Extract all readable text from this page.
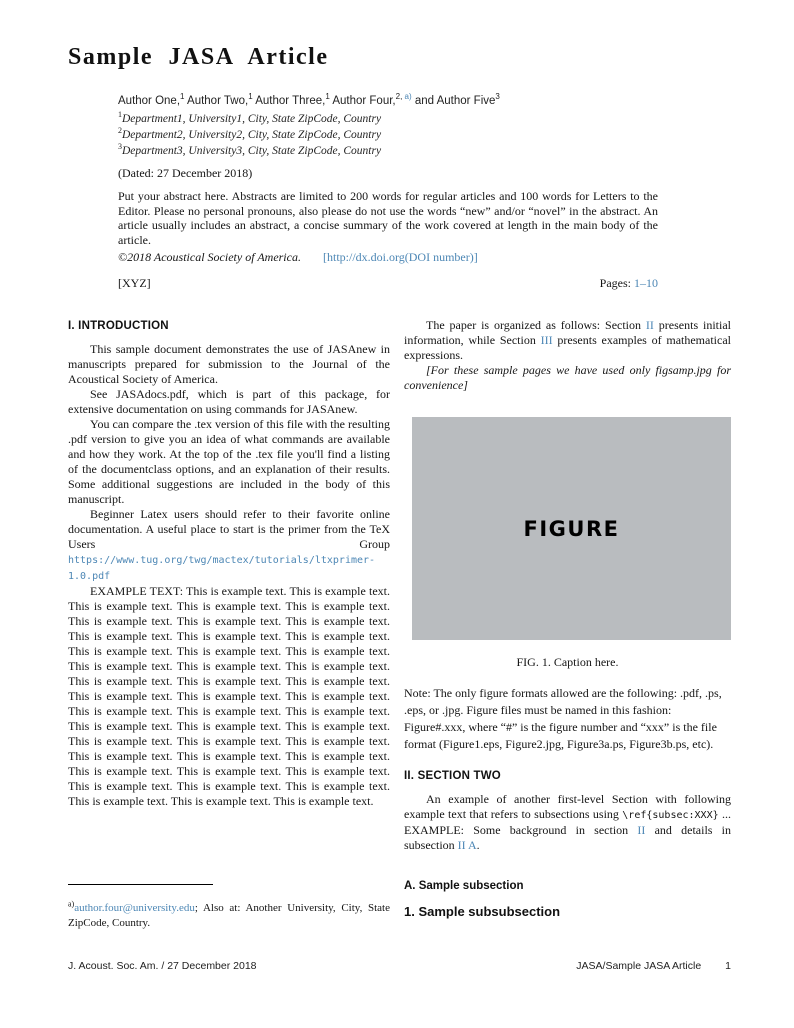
Sample JASA Article
Author One,$^1$ Author Two,$^1$ Author Three,$^1$ Author Four,$^{2,}$ $^{a)}$ and Author Five$^3$
$^1$Department1, University1, City, State ZipCode, Country
$^2$Department2, University2, City, State ZipCode, Country
$^3$Department3, University3, City, State ZipCode, Country
(Dated: 27 December 2018)
Put your abstract here. Abstracts are limited to 200 words for regular articles and 100 words for Letters to the Editor. Please no personal pronouns, also please do not use the words “new” and/or “novel” in the abstract. An article usually includes an abstract, a concise summary of the work covered at length in the main body of the article.
©2018 Acoustical Society of America. [http://dx.doi.org(DOI number)]
[XYZ]	Pages: 1–10
I. INTRODUCTION

This sample document demonstrates the use of JASAnew in manuscripts prepared for submission to the Journal of the Acoustical Society of America.

See JASAdocs.pdf, which is part of this package, for extensive documentation on using commands for JASAnew.

You can compare the .tex version of this file with the resulting .pdf version to give you an idea of what commands are available and how they work. At the top of the .tex file you'll find a listing of the documentclass options, and an explanation of their results. Some additional suggestions are included in the body of this manuscript.

Beginner Latex users should refer to their favorite online documentation. A useful place to start is the primer from the TeX Users Group https://www.tug.org/twg/mactex/tutorials/ltxprimer-1.0.pdf

EXAMPLE TEXT: This is example text. This is example text. This is example text. This is example text. This is example text. This is example text. This is example text. This is example text. This is example text. This is example text. This is example text. This is example text. This is example text. This is example text. This is example text. This is example text. This is example text. This is example text. This is example text. This is example text. This is example text. This is example text. This is example text. This is example text. This is example text. This is example text. This is example text. This is example text. This is example text. This is example text. This is example text. This is example text. This is example text. This is example text. This is example text. This is example text. This is example text. This is example text. This is example text. This is example text. This is example text. This is example text. This is example text. This is example text.

The paper is organized as follows: Section II presents initial information, while Section III presents examples of mathematical expressions.

[For these sample pages we have used only figsamp.jpg for convenience]

FIGURE
FIG. 1. Caption here.

Note: The only figure formats allowed are the following: .pdf, .ps, .eps, or .jpg. Figure files must be named in this fashion: Figure#.xxx, where “#” is the figure number and “xxx” is the file format (Figure1.eps, Figure2.jpg, Figure3a.ps, Figure3b.ps, etc).

II. SECTION TWO

An example of another first-level Section with following example text that refers to subsections using \ref{subsec:XXX} ... EXAMPLE: Some background in section II and details in subsection II A.

A. Sample subsection
1. Sample subsubsection
$^{a)}$author.four@university.edu; Also at: Another University, City, State ZipCode, Country.
J. Acoust. Soc. Am. / 27 December 2018	JASA/Sample JASA Article 1
